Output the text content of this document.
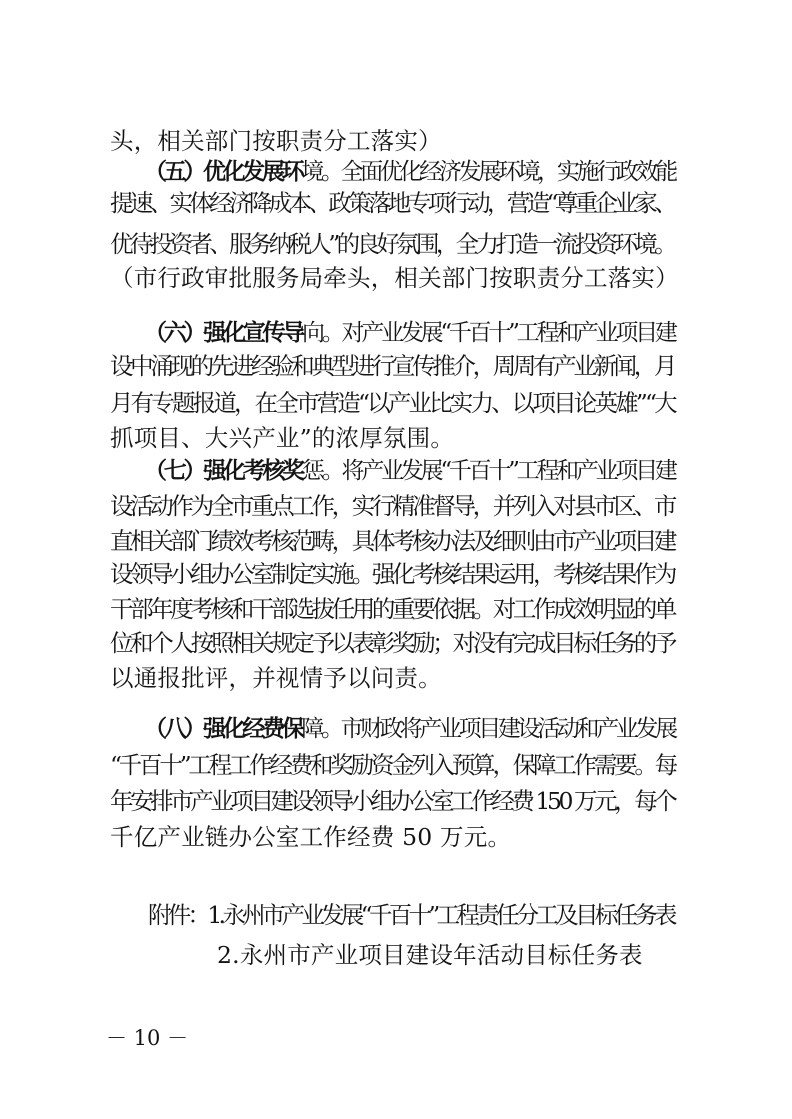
头，相关部门按职责分工落实）
（五）优化发展环境。全面优化经济发展环境，实施行政效能
提速、实体经济降成本、政策落地专项行动，营造“尊重企业家、
优待投资者、服务纳税人”的良好氛围，全力打造一流投资环境。
（市行政审批服务局牵头，相关部门按职责分工落实）
（六）强化宣传导向。对产业发展“千百十”工程和产业项目建
设中涌现的先进经验和典型进行宣传推介，周周有产业新闻，月
月有专题报道，在全市营造“以产业比实力、以项目论英雄”“大
抓项目、大兴产业”的浓厚氛围。
（七）强化考核奖惩。将产业发展“千百十”工程和产业项目建
设活动作为全市重点工作，实行精准督导，并列入对县市区、市
直相关部门绩效考核范畴，具体考核办法及细则由市产业项目建
设领导小组办公室制定实施。强化考核结果运用，考核结果作为
干部年度考核和干部选拔任用的重要依据。对工作成效明显的单
位和个人按照相关规定予以表彰奖励；对没有完成目标任务的予
以通报批评，并视情予以问责。
（八）强化经费保障。市财政将产业项目建设活动和产业发展
“千百十”工程工作经费和奖励资金列入预算，保障工作需要。每
年安排市产业项目建设领导小组办公室工作经费 150 万元，每个
千亿产业链办公室工作经费 50 万元。
附件：1.永州市产业发展“千百十”工程责任分工及目标任务表
2.永州市产业项目建设年活动目标任务表
－ 10 －
